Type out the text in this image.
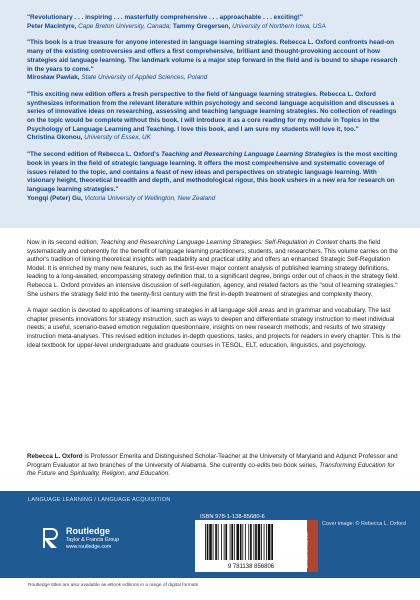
"Revolutionary . . . inspiring . . . masterfully comprehensive . . . approachable . . . exciting!"
Peter MacIntyre, Cape Breton University, Canada; Tammy Gregersen, University of Northern Iowa, USA
"This book is a true treasure for anyone interested in language learning strategies. Rebecca L. Oxford confronts head-on many of the existing controversies and offers a first comprehensive, brilliant and thought-provoking account of how strategies aid language learning. The landmark volume is a major step forward in the field and is bound to shape research in the years to come."
Mirosław Pawlak, State University of Applied Sciences, Poland
"This exciting new edition offers a fresh perspective to the field of language learning strategies. Rebecca L. Oxford synthesizes information from the relevant literature within psychology and second language acquisition and discusses a series of innovative ideas on researching, assessing and teaching language learning strategies. No collection of readings on the topic would be complete without this book. I will introduce it as a core reading for my module in Topics in the Psychology of Language Learning and Teaching. I love this book, and I am sure my students will love it, too."
Christina Gkonou, University of Essex, UK
"The second edition of Rebecca L. Oxford's Teaching and Researching Language Learning Strategies is the most exciting book in years in the field of strategic language learning. It offers the most comprehensive and systematic coverage of issues related to the topic, and contains a feast of new ideas and perspectives on strategic language learning. With visionary height, theoretical breadth and depth, and methodological rigour, this book ushers in a new era for research on language learning strategies."
Yongqi (Peter) Gu, Victoria University of Wellington, New Zealand

Now in its second edition, Teaching and Researching Language Learning Strategies: Self-Regulation in Context charts the field systematically and coherently for the benefit of language learning practitioners, students, and researchers. This volume carries on the author's tradition of linking theoretical insights with readability and practical utility and offers an enhanced Strategic Self-Regulation Model. It is enriched by many new features, such as the first-ever major content analysis of published learning strategy definitions, leading to a long-awaited, encompassing strategy definition that, to a significant degree, brings order out of chaos in the strategy field. Rebecca L. Oxford provides an intensive discussion of self-regulation, agency, and related factors as the "soul of learning strategies." She ushers the strategy field into the twenty-first century with the first in-depth treatment of strategies and complexity theory.

A major section is devoted to applications of learning strategies in all language skill areas and in grammar and vocabulary. The last chapter presents innovations for strategy instruction, such as ways to deepen and differentiate strategy instruction to meet individual needs; a useful, scenario-based emotion regulation questionnaire; insights on new research methods; and results of two strategy instruction meta-analyses. This revised edition includes in-depth questions, tasks, and projects for readers in every chapter. This is the ideal textbook for upper-level undergraduate and graduate courses in TESOL, ELT, education, linguistics, and psychology.

Rebecca L. Oxford is Professor Emerita and Distinguished Scholar-Teacher at the University of Maryland and Adjunct Professor and Program Evaluator at two branches of the University of Alabama. She currently co-edits two book series, Transforming Education for the Future and Spirituality, Religion, and Education.

LANGUAGE LEARNING / LANGUAGE ACQUISITION
Routledge
Taylor & Francis Group
www.routledge.com
9 781138 856806
ISBN 978-1-138-85680-6
an informa business
Cover image: © Rebecca L. Oxford
Routledge titles are also available as eBook editions in a range of digital formats
